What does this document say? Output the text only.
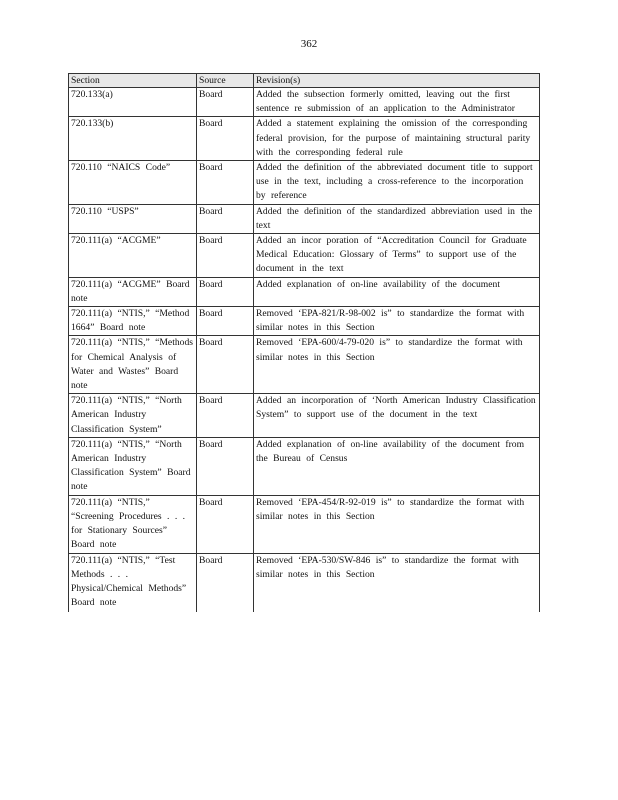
362
Section	Source	Revision(s)
720.133(a)	Board	Added the subsection formerly omitted, leaving out the first sentence re submission of an application to the Administrator
720.133(b)	Board	Added a statement explaining the omission of the corresponding federal provision, for the purpose of maintaining structural parity with the corresponding federal rule
720.110 “NAICS Code”	Board	Added the definition of the abbreviated document title to support use in the text, including a cross-reference to the incorporation by reference
720.110 “USPS”	Board	Added the definition of the standardized abbreviation used in the text
720.111(a) “ACGME”	Board	Added an incor poration of “Accreditation Council for Graduate Medical Education: Glossary of Terms” to support use of the document in the text
720.111(a) “ACGME” Board note	Board	Added explanation of on-line availability of the document
720.111(a) “NTIS,” “Method 1664” Board note	Board	Removed ‘EPA-821/R-98-002 is” to standardize the format with similar notes in this Section
720.111(a) “NTIS,” “Methods for Chemical Analysis of Water and Wastes” Board note	Board	Removed ‘EPA-600/4-79-020 is” to standardize the format with similar notes in this Section
720.111(a) “NTIS,” “North American Industry Classification System”	Board	Added an incorporation of ‘North American Industry Classification System” to support use of the document in the text
720.111(a) “NTIS,” “North American Industry Classification System” Board note	Board	Added explanation of on-line availability of the document from the Bureau of Census
720.111(a) “NTIS,” “Screening Procedures . . . for Stationary Sources” Board note	Board	Removed ‘EPA-454/R-92-019 is” to standardize the format with similar notes in this Section
720.111(a) “NTIS,” “Test Methods . . . Physical/Chemical Methods” Board note	Board	Removed ‘EPA-530/SW-846 is” to standardize the format with similar notes in this Section
